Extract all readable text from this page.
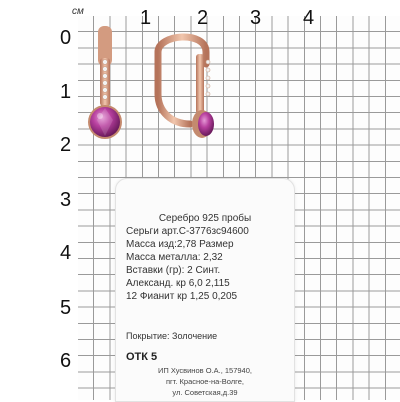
см	1 2 3 4
0
1
2
3
4
5
6
Серебро 925 пробы
Серьги арт.С-3776зс94600
Масса изд:2,78 Размер
Масса металла: 2,32
Вставки (гр): 2 Синт.
Александ. кр 6,0 2,115
12 Фианит кр 1,25 0,205
Покрытие: Золочение
ОТК 5
ИП Хусвинов О.А., 157940,
пгт. Красное-на-Волге,
ул. Советская,д.39
